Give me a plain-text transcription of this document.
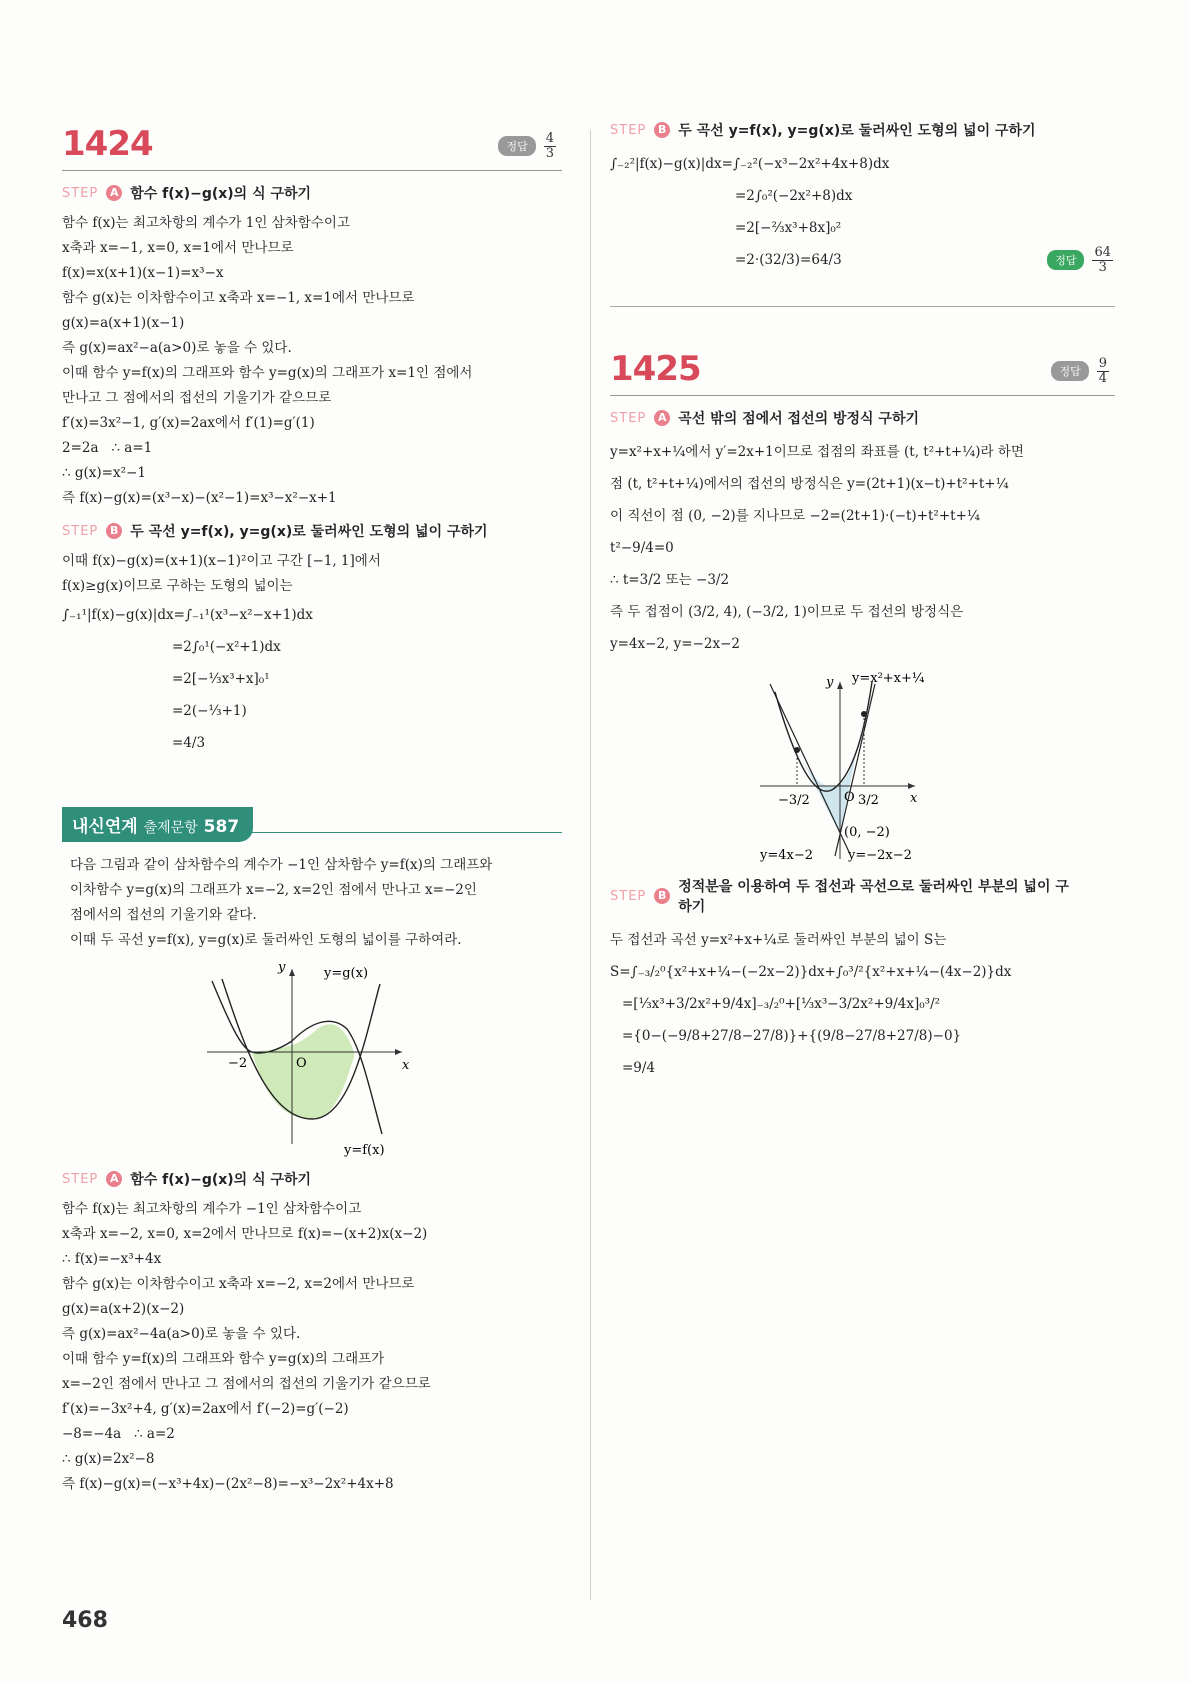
1424	정답	$\frac{4}{3}$
STEP	A 함수 f(x)−g(x)의 식 구하기
함수 f(x)는 최고차항의 계수가 1인 삼차함수이고
x축과 x=−1, x=0, x=1에서 만나므로
f(x)=x(x+1)(x−1)=x³−x
함수 g(x)는 이차함수이고 x축과 x=−1, x=1에서 만나므로
g(x)=a(x+1)(x−1)
즉 g(x)=ax²−a(a>0)로 놓을 수 있다.
이때 함수 y=f(x)의 그래프와 함수 y=g(x)의 그래프가 x=1인 점에서
만나고 그 점에서의 접선의 기울기가 같으므로
f′(x)=3x²−1, g′(x)=2ax에서 f′(1)=g′(1)
2=2a   ∴ a=1
∴ g(x)=x²−1
즉 f(x)−g(x)=(x³−x)−(x²−1)=x³−x²−x+1
STEP	B 두 곡선 y=f(x), y=g(x)로 둘러싸인 도형의 넓이 구하기
이때 f(x)−g(x)=(x+1)(x−1)²이고 구간 [−1, 1]에서
f(x)≥g(x)이므로 구하는 도형의 넓이는
∫₋₁¹|f(x)−g(x)|dx=∫₋₁¹(x³−x²−x+1)dx
=2∫₀¹(−x²+1)dx
=2[−⅓x³+x]₀¹
=2(−⅓+1)
=4/3
내신연계 출제문항 587
다음 그림과 같이 삼차함수의 계수가 −1인 삼차함수 y=f(x)의 그래프와
이차함수 y=g(x)의 그래프가 x=−2, x=2인 점에서 만나고 x=−2인
점에서의 접선의 기울기와 같다.
이때 두 곡선 y=f(x), y=g(x)로 둘러싸인 도형의 넓이를 구하여라.
y
x
y=g(x)
y=f(x)
O
−2
STEP	A 함수 f(x)−g(x)의 식 구하기
함수 f(x)는 최고차항의 계수가 −1인 삼차함수이고
x축과 x=−2, x=0, x=2에서 만나므로 f(x)=−(x+2)x(x−2)
∴ f(x)=−x³+4x
함수 g(x)는 이차함수이고 x축과 x=−2, x=2에서 만나므로
g(x)=a(x+2)(x−2)
즉 g(x)=ax²−4a(a>0)로 놓을 수 있다.
이때 함수 y=f(x)의 그래프와 함수 y=g(x)의 그래프가
x=−2인 점에서 만나고 그 점에서의 접선의 기울기가 같으므로
f′(x)=−3x²+4, g′(x)=2ax에서 f′(−2)=g′(−2)
−8=−4a   ∴ a=2
∴ g(x)=2x²−8
즉 f(x)−g(x)=(−x³+4x)−(2x²−8)=−x³−2x²+4x+8
STEP	B 두 곡선 y=f(x), y=g(x)로 둘러싸인 도형의 넓이 구하기
∫₋₂²|f(x)−g(x)|dx=∫₋₂²(−x³−2x²+4x+8)dx
=2∫₀²(−2x²+8)dx
=2[−⅔x³+8x]₀²
=2·(32/3)=64/3	정답	$\frac{64}{3}$
1425	정답	$\frac{9}{4}$
STEP	A 곡선 밖의 점에서 접선의 방정식 구하기
y=x²+x+¼에서 y′=2x+1이므로 접점의 좌표를 (t, t²+t+¼)라 하면
점 (t, t²+t+¼)에서의 접선의 방정식은 y=(2t+1)(x−t)+t²+t+¼
이 직선이 점 (0, −2)를 지나므로 −2=(2t+1)·(−t)+t²+t+¼
t²−9/4=0
∴ t=3/2 또는 −3/2
즉 두 접점이 (3/2, 4), (−3/2, 1)이므로 두 접선의 방정식은
y=4x−2, y=−2x−2
y
x
y=x²+x+¼
O
−3/2	3/2
(0, −2)
y=4x−2	y=−2x−2
STEP	B
정적분을 이용하여 두 접선과 곡선으로 둘러싸인 부분의 넓이 구하기
두 접선과 곡선 y=x²+x+¼로 둘러싸인 부분의 넓이 S는
S=∫₋₃/₂⁰{x²+x+¼−(−2x−2)}dx+∫₀³/²{x²+x+¼−(4x−2)}dx
=[⅓x³+3/2x²+9/4x]₋₃/₂⁰+[⅓x³−3/2x²+9/4x]₀³/²
={0−(−9/8+27/8−27/8)}+{(9/8−27/8+27/8)−0}
=9/4
468
